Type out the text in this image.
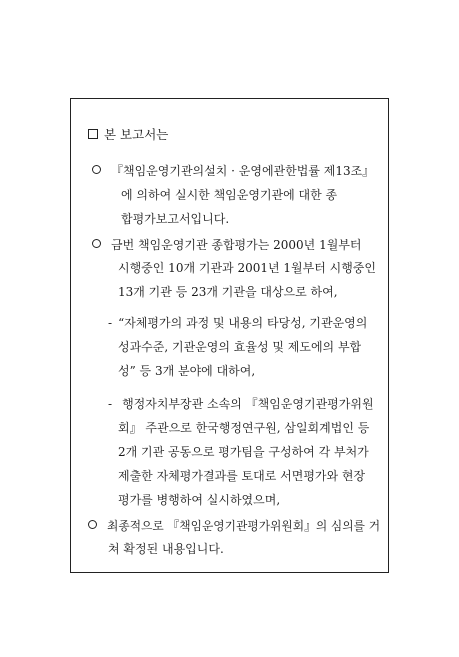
본 보고서는
『책임운영기관의설치 · 운영에관한법률 제13조』
에 의하여 실시한 책임운영기관에 대한 종
합평가보고서입니다.
금번 책임운영기관 종합평가는 2000년 1월부터
시행중인 10개 기관과 2001년 1월부터 시행중인
13개 기관 등 23개 기관을 대상으로 하여,
- “자체평가의 과정 및 내용의 타당성, 기관운영의
성과수준, 기관운영의 효율성 및 제도에의 부합
성” 등 3개 분야에 대하여,
- 행정자치부장관 소속의 『책임운영기관평가위원
회』 주관으로 한국행정연구원, 삼일회계법인 등
2개 기관 공동으로 평가팀을 구성하여 각 부처가
제출한 자체평가결과를 토대로 서면평가와 현장
평가를 병행하여 실시하였으며,
최종적으로 『책임운영기관평가위원회』의 심의를 거
쳐 확정된 내용입니다.
